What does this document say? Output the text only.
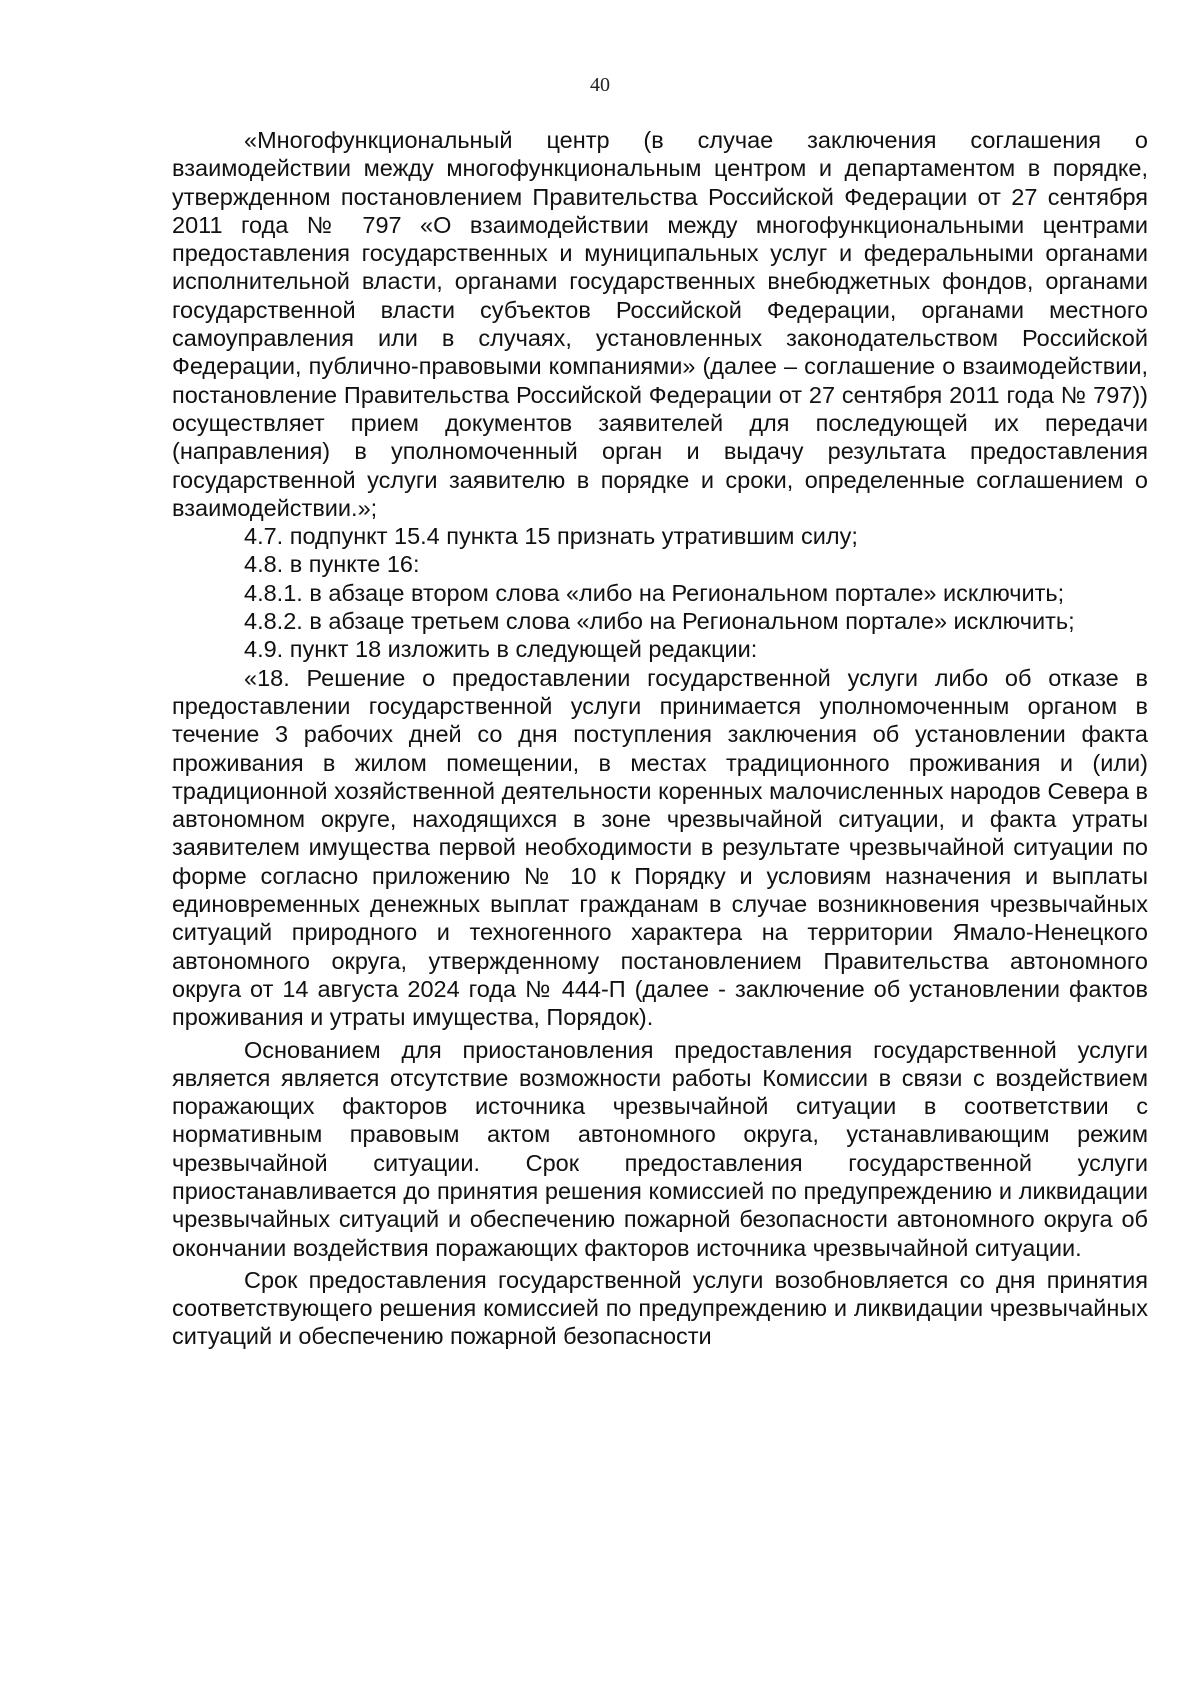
40

«Многофункциональный центр (в случае заключения соглашения о взаимодействии между многофункциональным центром и департаментом в порядке, утвержденном постановлением Правительства Российской Федерации от 27 сентября 2011 года № 797 «О взаимодействии между многофункциональными центрами предоставления государственных и муниципальных услуг и федеральными органами исполнительной власти, органами государственных внебюджетных фондов, органами государственной власти субъектов Российской Федерации, органами местного самоуправления или в случаях, установленных законодательством Российской Федерации, публично-правовыми компаниями» (далее – соглашение о взаимодействии, постановление Правительства Российской Федерации от 27 сентября 2011 года № 797)) осуществляет прием документов заявителей для последующей их передачи (направления) в уполномоченный орган и выдачу результата предоставления государственной услуги заявителю в порядке и сроки, определенные соглашением о взаимодействии.»;

4.7. подпункт 15.4 пункта 15 признать утратившим силу;

4.8. в пункте 16:

4.8.1. в абзаце втором слова «либо на Региональном портале» исключить;

4.8.2. в абзаце третьем слова «либо на Региональном портале» исключить;

4.9. пункт 18 изложить в следующей редакции:

«18. Решение о предоставлении государственной услуги либо об отказе в предоставлении государственной услуги принимается уполномоченным органом в течение 3 рабочих дней со дня поступления заключения об установлении факта проживания в жилом помещении, в местах традиционного проживания и (или) традиционной хозяйственной деятельности коренных малочисленных народов Севера в автономном округе, находящихся в зоне чрезвычайной ситуации, и факта утраты заявителем имущества первой необходимости в результате чрезвычайной ситуации по форме согласно приложению № 10 к Порядку и условиям назначения и выплаты единовременных денежных выплат гражданам в случае возникновения чрезвычайных ситуаций природного и техногенного характера на территории Ямало-Ненецкого автономного округа, утвержденному постановлением Правительства автономного округа от 14 августа 2024 года № 444-П (далее - заключение об установлении фактов проживания и утраты имущества, Порядок).

Основанием для приостановления предоставления государственной услуги является является отсутствие возможности работы Комиссии в связи с воздействием поражающих факторов источника чрезвычайной ситуации в соответствии с нормативным правовым актом автономного округа, устанавливающим режим чрезвычайной ситуации. Срок предоставления государственной услуги приостанавливается до принятия решения комиссией по предупреждению и ликвидации чрезвычайных ситуаций и обеспечению пожарной безопасности автономного округа об окончании воздействия поражающих факторов источника чрезвычайной ситуации.

Срок предоставления государственной услуги возобновляется со дня принятия соответствующего решения комиссией по предупреждению и ликвидации чрезвычайных ситуаций и обеспечению пожарной безопасности
